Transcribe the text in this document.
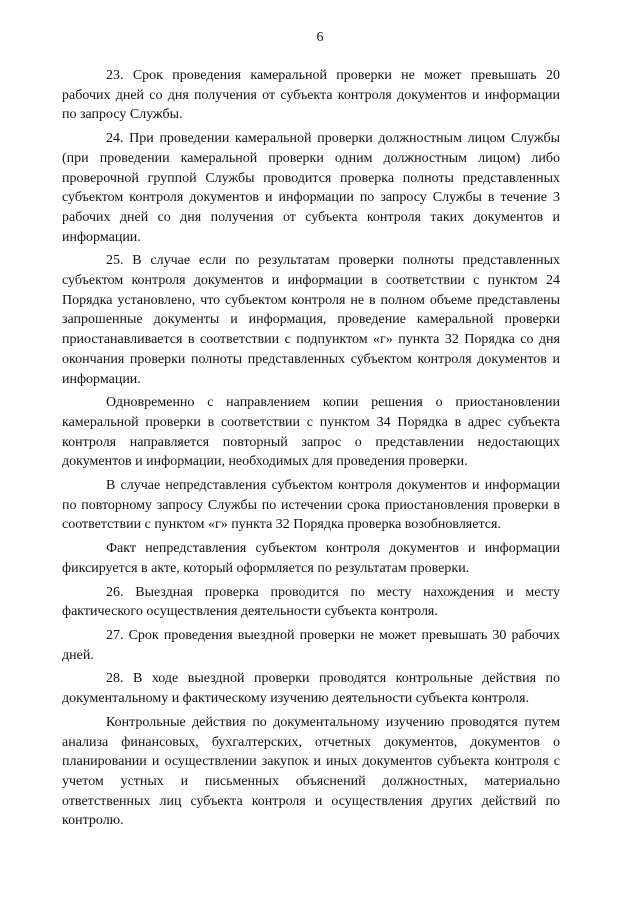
6

23. Срок проведения камеральной проверки не может превышать 20 рабочих дней со дня получения от субъекта контроля документов и информации по запросу Службы.

24. При проведении камеральной проверки должностным лицом Службы (при проведении камеральной проверки одним должностным лицом) либо проверочной группой Службы проводится проверка полноты представленных субъектом контроля документов и информации по запросу Службы в течение 3 рабочих дней со дня получения от субъекта контроля таких документов и информации.

25. В случае если по результатам проверки полноты представленных субъектом контроля документов и информации в соответствии с пунктом 24 Порядка установлено, что субъектом контроля не в полном объеме представлены запрошенные документы и информация, проведение камеральной проверки приостанавливается в соответствии с подпунктом «г» пункта 32 Порядка со дня окончания проверки полноты представленных субъектом контроля документов и информации.

Одновременно с направлением копии решения о приостановлении камеральной проверки в соответствии с пунктом 34 Порядка в адрес субъекта контроля направляется повторный запрос о представлении недостающих документов и информации, необходимых для проведения проверки.

В случае непредставления субъектом контроля документов и информации по повторному запросу Службы по истечении срока приостановления проверки в соответствии с пунктом «г» пункта 32 Порядка проверка возобновляется.

Факт непредставления субъектом контроля документов и информации фиксируется в акте, который оформляется по результатам проверки.

26. Выездная проверка проводится по месту нахождения и месту фактического осуществления деятельности субъекта контроля.

27. Срок проведения выездной проверки не может превышать 30 рабочих дней.

28. В ходе выездной проверки проводятся контрольные действия по документальному и фактическому изучению деятельности субъекта контроля.

Контрольные действия по документальному изучению проводятся путем анализа финансовых, бухгалтерских, отчетных документов, документов о планировании и осуществлении закупок и иных документов субъекта контроля с учетом устных и письменных объяснений должностных, материально ответственных лиц субъекта контроля и осуществления других действий по контролю.
